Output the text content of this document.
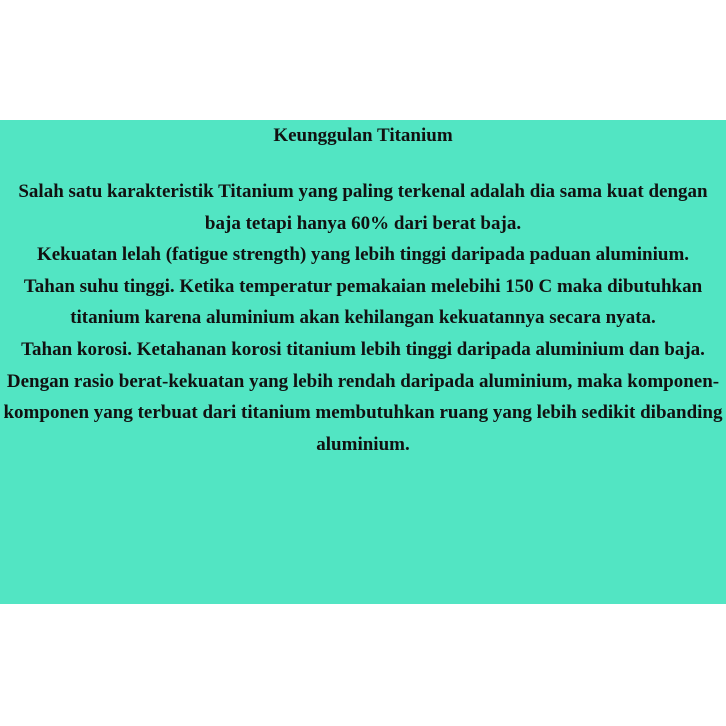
Keunggulan Titanium
Salah satu karakteristik Titanium yang paling terkenal adalah dia sama kuat dengan baja tetapi hanya 60% dari berat baja.
Kekuatan lelah (fatigue strength) yang lebih tinggi daripada paduan aluminium.
Tahan suhu tinggi. Ketika temperatur pemakaian melebihi 150 C maka dibutuhkan titanium karena aluminium akan kehilangan kekuatannya secara nyata.
Tahan korosi. Ketahanan korosi titanium lebih tinggi daripada aluminium dan baja.
Dengan rasio berat-kekuatan yang lebih rendah daripada aluminium, maka komponen-komponen yang terbuat dari titanium membutuhkan ruang yang lebih sedikit dibanding aluminium.
